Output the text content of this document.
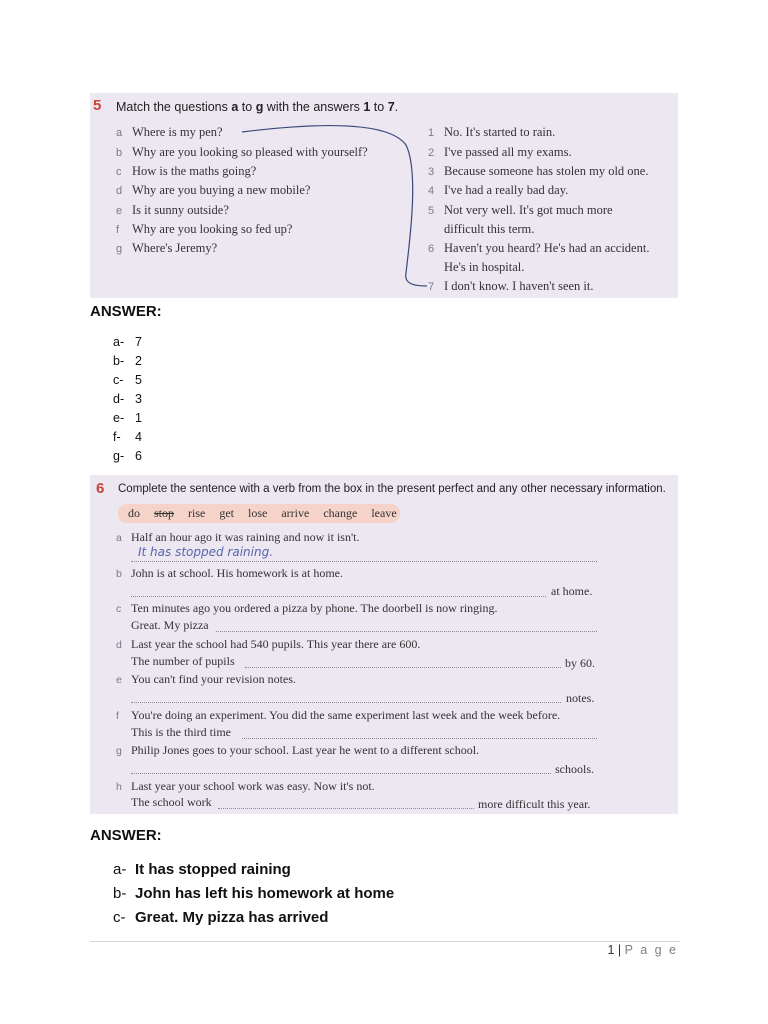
5 Match the questions a to g with the answers 1 to 7.
a Where is my pen?
b Why are you looking so pleased with yourself?
c How is the maths going?
d Why are you buying a new mobile?
e Is it sunny outside?
f Why are you looking so fed up?
g Where's Jeremy?
1 No. It's started to rain.
2 I've passed all my exams.
3 Because someone has stolen my old one.
4 I've had a really bad day.
5 Not very well. It's got much more
difficult this term.
6 Haven't you heard? He's had an accident.
He's in hospital.
7 I don't know. I haven't seen it.
ANSWER:
a- 7
b- 2
c- 5
d- 3
e- 1
f- 4
g- 6
6 Complete the sentence with a verb from the box in the present perfect and any other necessary information.
do stop rise get lose arrive change leave
a Half an hour ago it was raining and now it isn't.
It has stopped raining.
b John is at school. His homework is at home.
at home.
c Ten minutes ago you ordered a pizza by phone. The doorbell is now ringing.
Great. My pizza
d Last year the school had 540 pupils. This year there are 600.
The number of pupils	by 60.
e You can't find your revision notes.
notes.
f You're doing an experiment. You did the same experiment last week and the week before.
This is the third time
g Philip Jones goes to your school. Last year he went to a different school.
schools.
h Last year your school work was easy. Now it's not.
The school work	more difficult this year.
ANSWER:
a- It has stopped raining
b- John has left his homework at home
c- Great. My pizza has arrived
1 | P a g e
